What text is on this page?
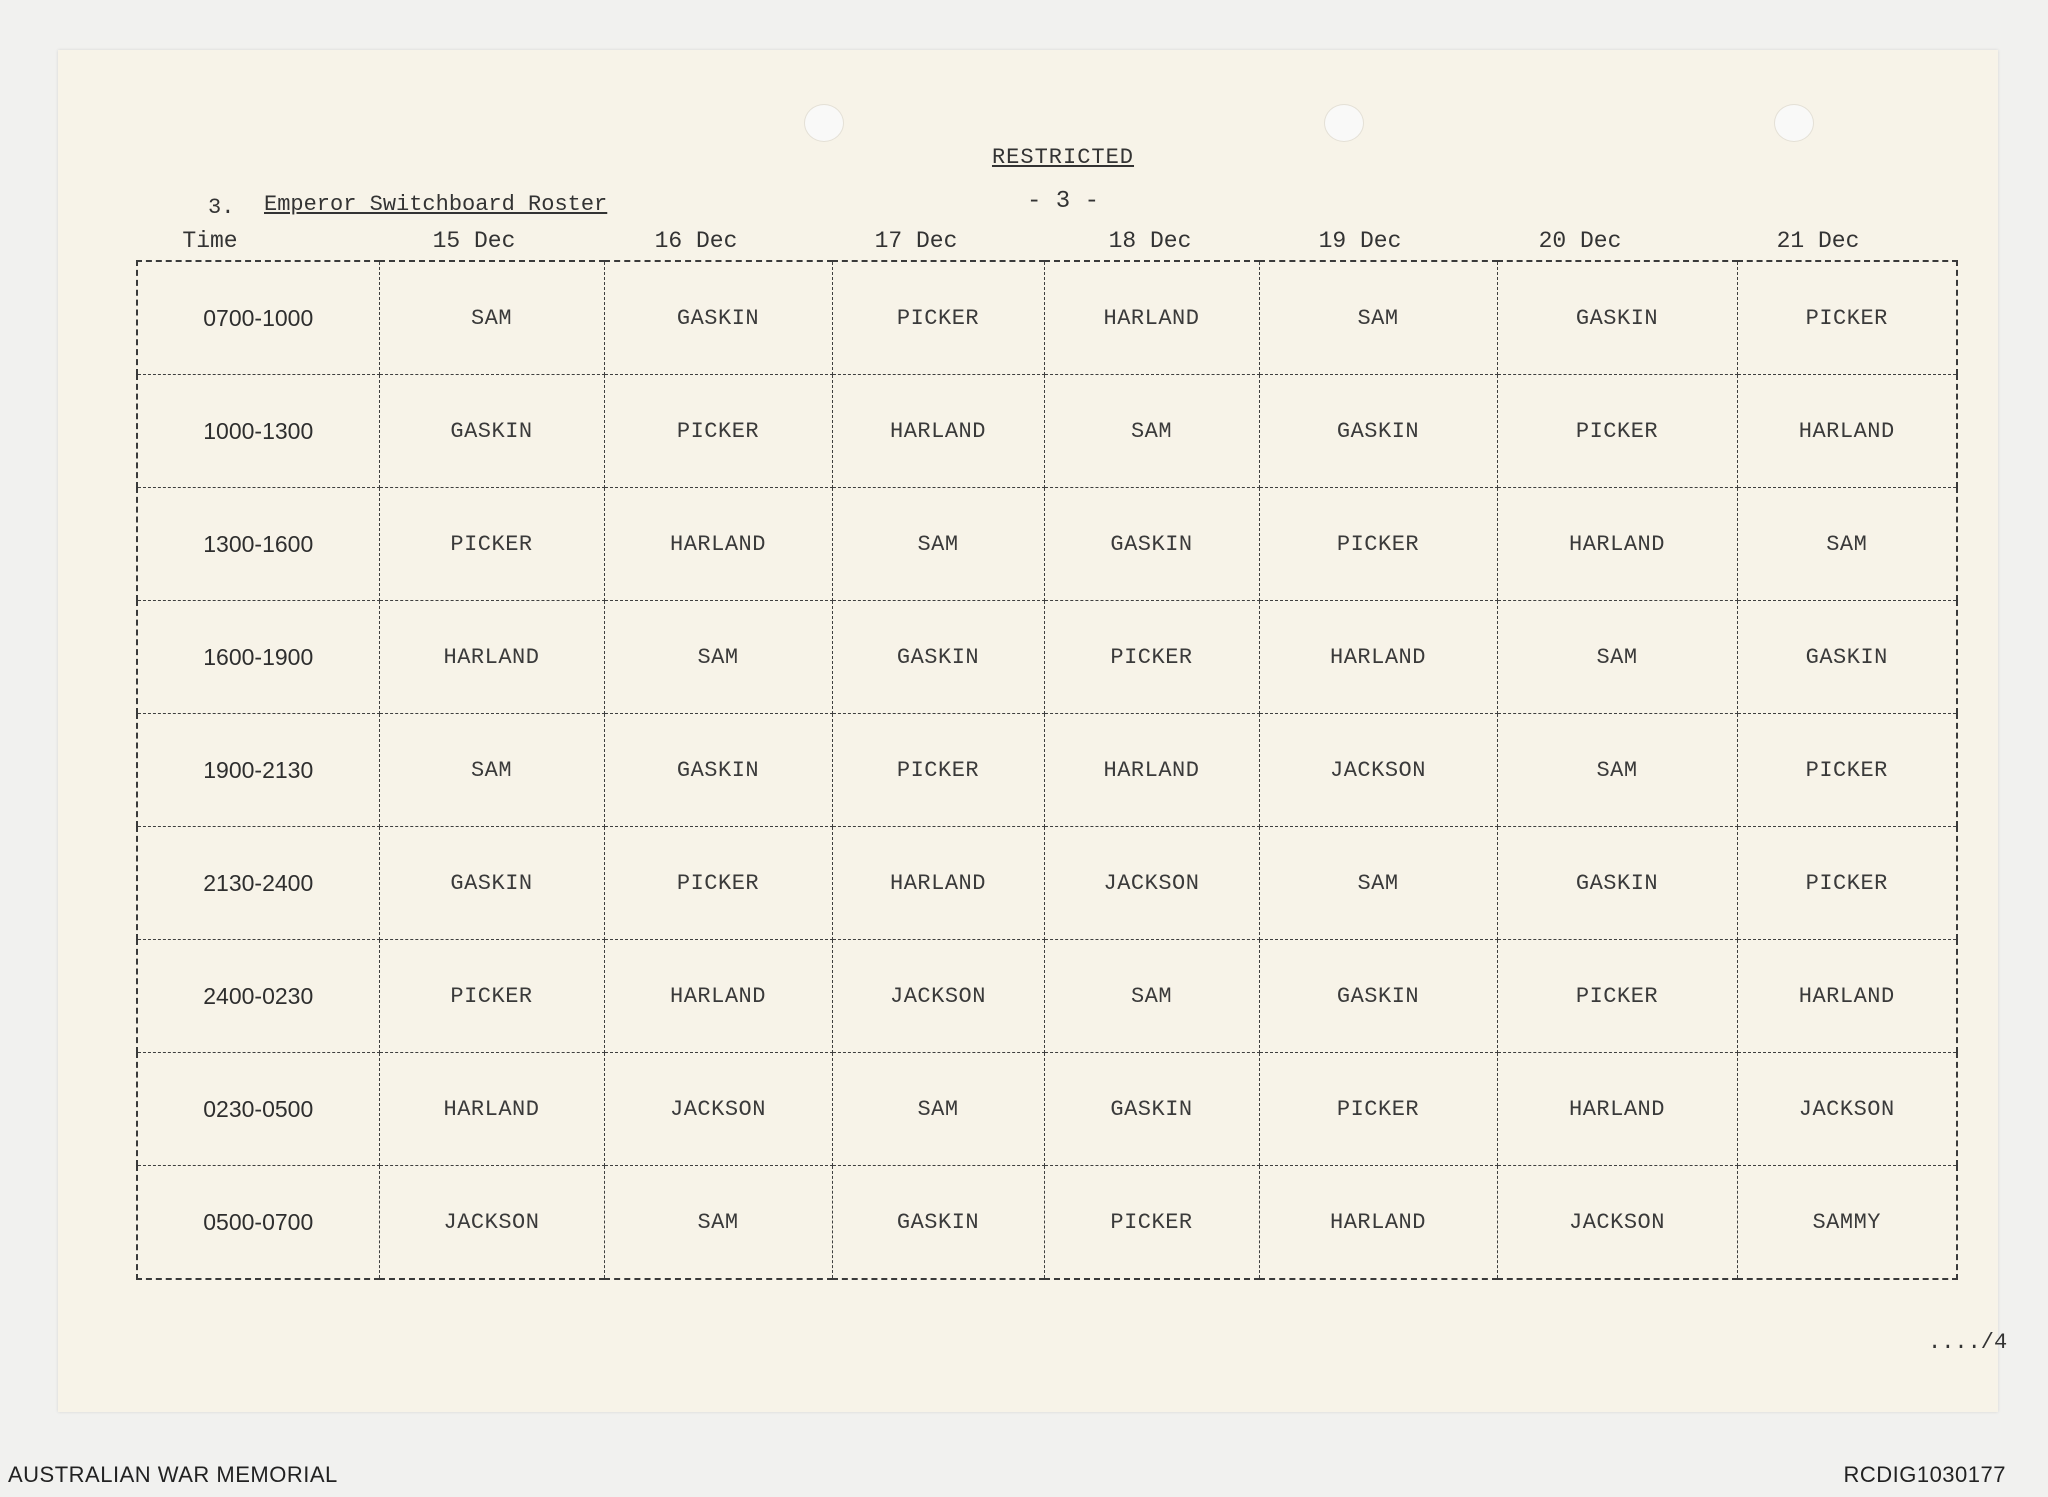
RESTRICTED
- 3 -
3. Emperor Switchboard Roster
Time	15 Dec	16 Dec	17 Dec	18 Dec	19 Dec	20 Dec	21 Dec
0700-1000	SAM	GASKIN	PICKER	HARLAND	SAM	GASKIN	PICKER
1000-1300	GASKIN	PICKER	HARLAND	SAM	GASKIN	PICKER	HARLAND
1300-1600	PICKER	HARLAND	SAM	GASKIN	PICKER	HARLAND	SAM
1600-1900	HARLAND	SAM	GASKIN	PICKER	HARLAND	SAM	GASKIN
1900-2130	SAM	GASKIN	PICKER	HARLAND	JACKSON	SAM	PICKER
2130-2400	GASKIN	PICKER	HARLAND	JACKSON	SAM	GASKIN	PICKER
2400-0230	PICKER	HARLAND	JACKSON	SAM	GASKIN	PICKER	HARLAND
0230-0500	HARLAND	JACKSON	SAM	GASKIN	PICKER	HARLAND	JACKSON
0500-0700	JACKSON	SAM	GASKIN	PICKER	HARLAND	JACKSON	SAMMY
..../4
AUSTRALIAN WAR MEMORIAL	RCDIG1030177
